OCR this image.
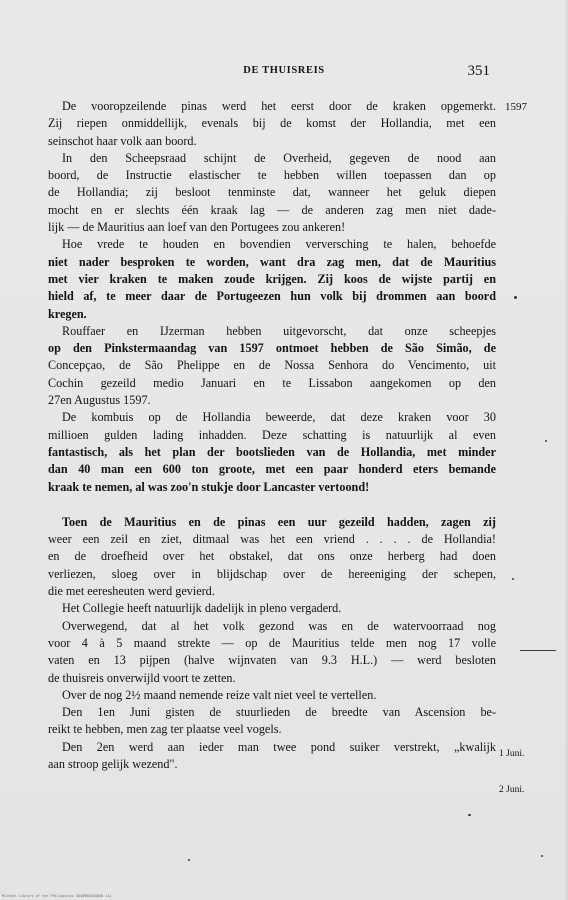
DE THUISREIS	351
De vooropzeilende pinas werd het eerst door de kraken opgemerkt.
Zij riepen onmiddellijk, evenals bij de komst der Hollandia, met een
seinschot haar volk aan boord.
In den Scheepsraad schijnt de Overheid, gegeven de nood aan
boord, de Instructie elastischer te hebben willen toepassen dan op
de Hollandia; zij besloot tenminste dat, wanneer het geluk diepen
mocht en er slechts één kraak lag — de anderen zag men niet dade-
lijk — de Mauritius aan loef van den Portugees zou ankeren!
Hoe vrede te houden en bovendien verversching te halen, behoefde
niet nader besproken te worden, want dra zag men, dat de Mauritius
met vier kraken te maken zoude krijgen. Zij koos de wijste partij en
hield af, te meer daar de Portugeezen hun volk bij drommen aan boord
kregen.
Rouffaer en IJzerman hebben uitgevorscht, dat onze scheepjes
op den Pinkstermaandag van 1597 ontmoet hebben de São Simão, de
Concepçao, de São Phelippe en de Nossa Senhora do Vencimento, uit
Cochin gezeild medio Januari en te Lissabon aangekomen op den
27en Augustus 1597.
De kombuis op de Hollandia beweerde, dat deze kraken voor 30
millioen gulden lading inhadden. Deze schatting is natuurlijk al even
fantastisch, als het plan der bootslieden van de Hollandia, met minder
dan 40 man een 600 ton groote, met een paar honderd eters bemande
kraak te nemen, al was zoo'n stukje door Lancaster vertoond!
Toen de Mauritius en de pinas een uur gezeild hadden, zagen zij
weer een zeil en ziet, ditmaal was het een vriend . . . . de Hollandia!
en de droefheid over het obstakel, dat ons onze herberg had doen
verliezen, sloeg over in blijdschap over de hereeniging der schepen,
die met eeresheuten werd gevierd.
Het Collegie heeft natuurlijk dadelijk in pleno vergaderd.
Overwegend, dat al het volk gezond was en de watervoorraad nog
voor 4 à 5 maand strekte — op de Mauritius telde men nog 17 volle
vaten en 13 pijpen (halve wijnvaten van 9.3 H.L.) — werd besloten
de thuisreis onverwijld voort te zetten.
Over de nog 2½ maand nemende reize valt niet veel te vertellen.
Den 1en Juni gisten de stuurlieden de breedte van Ascension be-
reikt te hebben, men zag ter plaatse veel vogels.
Den 2en werd aan ieder man twee pond suiker verstrekt, „kwalijk
aan stroop gelijk wezend".
1597
1 Juni.
2 Juni.
Michael Library of the Philippines 3048900303050 iii
